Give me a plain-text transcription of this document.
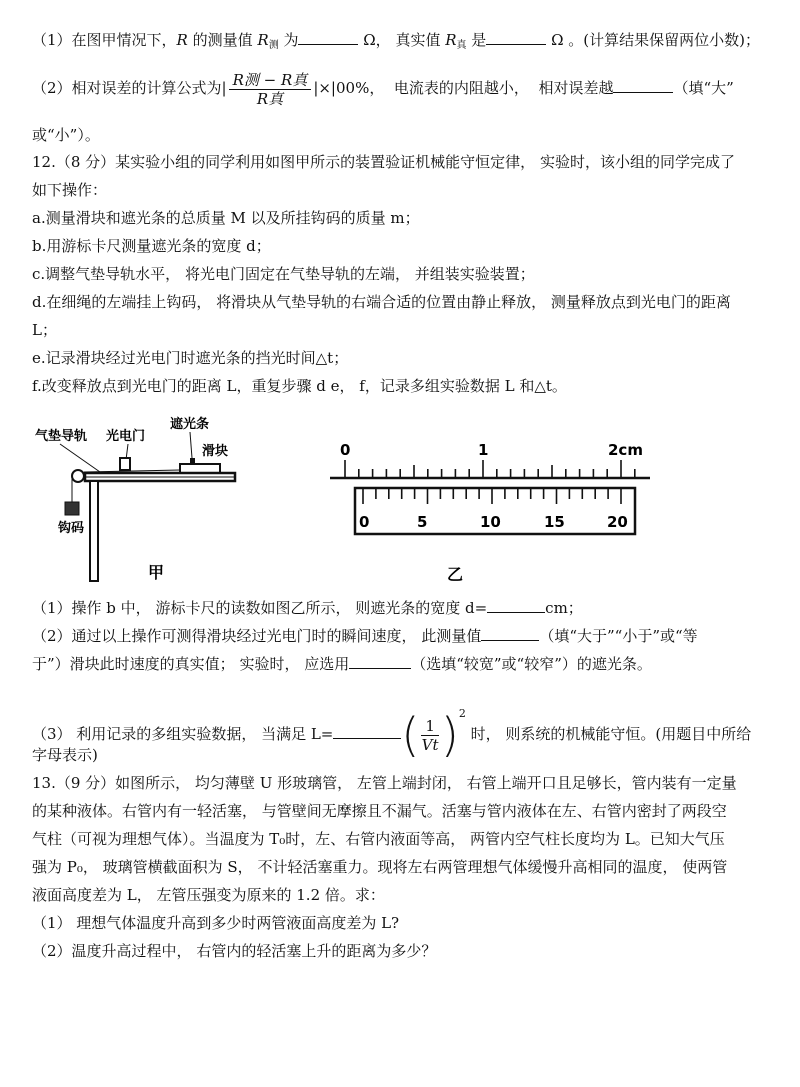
（1）在图甲情况下，R 的测量值 $R_测$ 为	Ω， 真实值 $R_真$ 是	Ω 。(计算结果保留两位小数)；
（2）相对误差的计算公式为| $\frac{\text{R测 − R真}}{\text{R真}} |\times|00\%$， 电流表的内阻越小， 相对误差越	（填“大”
或“小”）。
12.（8 分）某实验小组的同学利用如图甲所示的装置验证机械能守恒定律， 实验时，该小组的同学完成了
如下操作：
a.测量滑块和遮光条的总质量 M 以及所挂钩码的质量 m；
b.用游标卡尺测量遮光条的宽度 d；
c.调整气垫导轨水平， 将光电门固定在气垫导轨的左端， 并组装实验装置；
d.在细绳的左端挂上钩码， 将滑块从气垫导轨的右端合适的位置由静止释放， 测量释放点到光电门的距离
L；
e.记录滑块经过光电门时遮光条的挡光时间△t；
f.改变释放点到光电门的距离 L，重复步骤 d e， f，记录多组实验数据 L 和△t。
气垫导轨 光电门
遮光条
滑块
钩码
甲
0	1	2cm
0	5	10	15	20
乙
（1）操作 b 中， 游标卡尺的读数如图乙所示， 则遮光条的宽度 d=	cm；
（2）通过以上操作可测得滑块经过光电门时的瞬间速度， 此测量值	（填“大于”“小于”或“等
于”）滑块此时速度的真实值； 实验时， 应选用	（选填“较宽”或“较窄”）的遮光条。
（3） 利用记录的多组实验数据， 当满足 L= ( $\frac{1}{Vt} )^2$ 时， 则系统的机械能守恒。(用题目中所给
字母表示)
13.（9 分）如图所示， 均匀薄壁 U 形玻璃管， 左管上端封闭， 右管上端开口且足够长，管内装有一定量
的某种液体。右管内有一轻活塞， 与管壁间无摩擦且不漏气。活塞与管内液体在左、右管内密封了两段空
气柱（可视为理想气体）。当温度为 T₀时，左、右管内液面等高， 两管内空气柱长度均为 L。已知大气压
强为 P₀， 玻璃管横截面积为 S， 不计轻活塞重力。现将左右两管理想气体缓慢升高相同的温度， 使两管
液面高度差为 L， 左管压强变为原来的 1.2 倍。求：
（1） 理想气体温度升高到多少时两管液面高度差为 L?
（2）温度升高过程中， 右管内的轻活塞上升的距离为多少？
